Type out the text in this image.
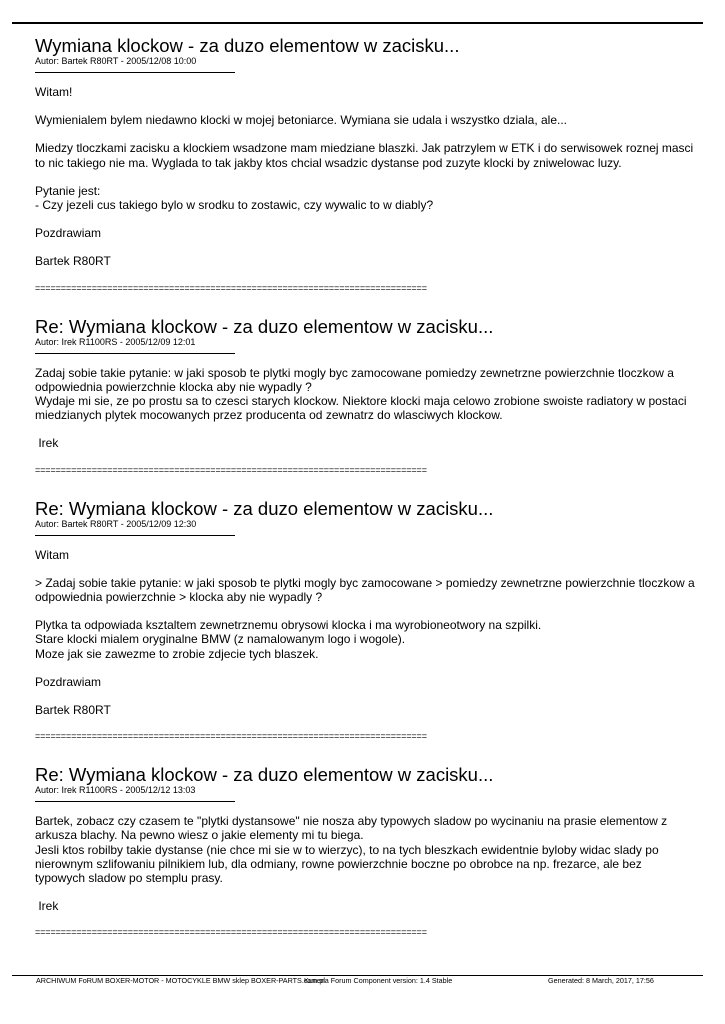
Wymiana klockow - za duzo elementow w zacisku...
Autor: Bartek R80RT - 2005/12/08 10:00

Witam!

Wymienialem bylem niedawno klocki w mojej betoniarce. Wymiana sie udala i wszystko dziala, ale...

Miedzy tloczkami zacisku a klockiem wsadzone mam miedziane blaszki. Jak patrzylem w ETK i do serwisowek roznej masci to nic takiego nie ma. Wyglada to tak jakby ktos chcial wsadzic dystanse pod zuzyte klocki by zniwelowac luzy.

Pytanie jest:
- Czy jezeli cus takiego bylo w srodku to zostawic, czy wywalic to w diably?

Pozdrawiam

Bartek R80RT

============================================================================
Re: Wymiana klockow - za duzo elementow w zacisku...
Autor: Irek R1100RS - 2005/12/09 12:01

Zadaj sobie takie pytanie: w jaki sposob te plytki mogly byc zamocowane pomiedzy zewnetrzne powierzchnie tloczkow a odpowiednia powierzchnie klocka aby nie wypadly ?
Wydaje mi sie, ze po prostu sa to czesci starych klockow. Niektore klocki maja celowo zrobione swoiste radiatory w postaci miedzianych plytek mocowanych przez producenta od zewnatrz do wlasciwych klockow.

Irek

============================================================================
Re: Wymiana klockow - za duzo elementow w zacisku...
Autor: Bartek R80RT - 2005/12/09 12:30

Witam

> Zadaj sobie takie pytanie: w jaki sposob te plytki mogly byc zamocowane > pomiedzy zewnetrzne powierzchnie tloczkow a odpowiednia powierzchnie > klocka aby nie wypadly ?

Plytka ta odpowiada ksztaltem zewnetrznemu obrysowi klocka i ma wyrobioneotwory na szpilki.
Stare klocki mialem oryginalne BMW (z namalowanym logo i wogole).
Moze jak sie zawezme to zrobie zdjecie tych blaszek.

Pozdrawiam

Bartek R80RT

============================================================================
Re: Wymiana klockow - za duzo elementow w zacisku...
Autor: Irek R1100RS - 2005/12/12 13:03

Bartek, zobacz czy czasem te "plytki dystansowe" nie nosza aby typowych sladow po wycinaniu na prasie elementow z arkusza blachy. Na pewno wiesz o jakie elementy mi tu biega.
Jesli ktos robilby takie dystanse (nie chce mi sie w to wierzyc), to na tych bleszkach ewidentnie byloby widac slady po nierownym szlifowaniu pilnikiem lub, dla odmiany, rowne powierzchnie boczne po obrobce na np. frezarce, ale bez typowych sladow po stemplu prasy.

Irek

============================================================================
ARCHIWUM FoRUM BOXER-MOTOR - MOTOCYKLE BMW sklep BOXER-PARTS.com.pl
Kunena Forum Component version: 1.4 Stable	Generated: 8 March, 2017, 17:56
